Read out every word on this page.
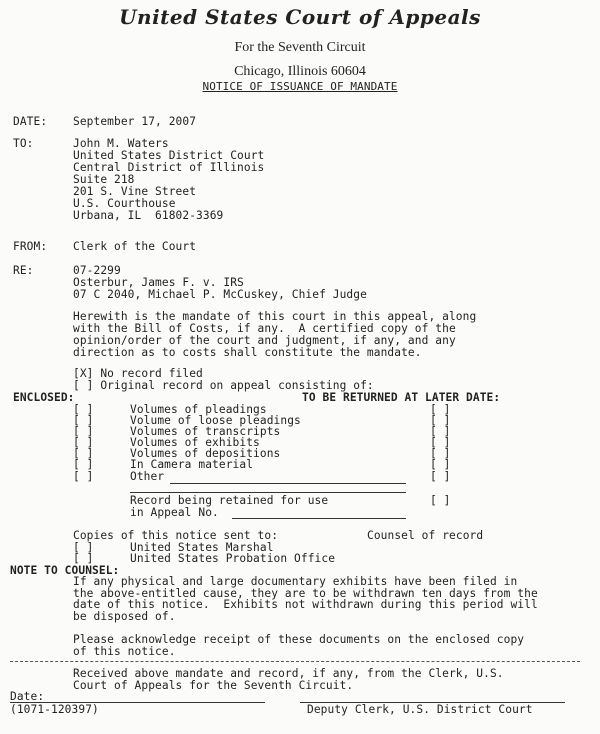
United States Court of Appeals
For the Seventh Circuit
Chicago, Illinois 60604
NOTICE OF ISSUANCE OF MANDATE
DATE: September 17, 2007
TO:	John M. Waters
United States District Court
Central District of Illinois
Suite 218
201 S. Vine Street
U.S. Courthouse
Urbana, IL  61802-3369
FROM: Clerk of the Court
RE:	07-2299
Osterbur, James F. v. IRS
07 C 2040, Michael P. McCuskey, Chief Judge
Herewith is the mandate of this court in this appeal, along
with the Bill of Costs, if any.  A certified copy of the
opinion/order of the court and judgment, if any, and any
direction as to costs shall constitute the mandate.
[X] No record filed
[ ] Original record on appeal consisting of:
ENCLOSED:	TO BE RETURNED AT LATER DATE:
[ ]	Volumes of pleadings	[ ]
[ ]	Volume of loose pleadings	[ ]
[ ]	Volumes of transcripts	[ ]
[ ]	Volumes of exhibits	[ ]
[ ]	Volumes of depositions	[ ]
[ ]	In Camera material	[ ]
[ ]	Other	[ ]
Record being retained for use	[ ]
in Appeal No.
Copies of this notice sent to:	Counsel of record
[ ]	United States Marshal
[ ]	United States Probation Office
NOTE TO COUNSEL:
If any physical and large documentary exhibits have been filed in
the above-entitled cause, they are to be withdrawn ten days from the
date of this notice.  Exhibits not withdrawn during this period will
be disposed of.
Please acknowledge receipt of these documents on the enclosed copy
of this notice.
Received above mandate and record, if any, from the Clerk, U.S.
Court of Appeals for the Seventh Circuit.
Date:
(1071-120397)	Deputy Clerk, U.S. District Court
